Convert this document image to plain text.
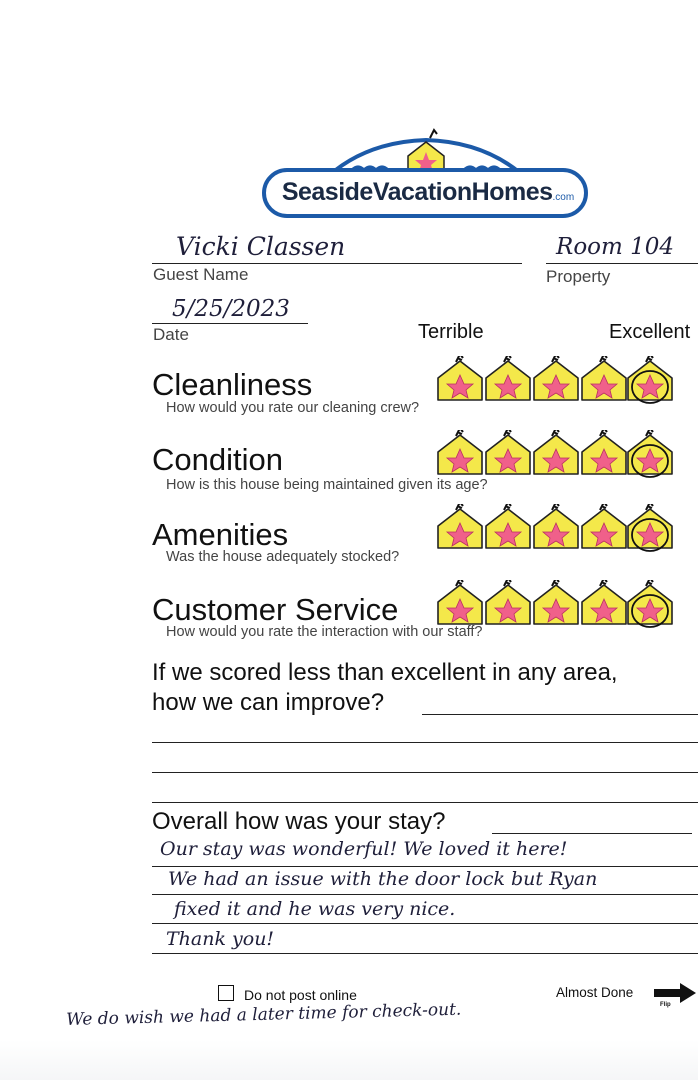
SeasideVacationHomes.com
Vicki Classen
Guest Name
Room 104
Property
5/25/2023
Date	Terrible	Excellent
Cleanliness
How would you rate our cleaning crew?
Condition
How is this house being maintained given its age?
Amenities
Was the house adequately stocked?
Customer Service
How would you rate the interaction with our staff?
If we scored less than excellent in any area,
how we can improve?
Overall how was your stay?
Our stay was wonderful! We loved it here!
We had an issue with the door lock but Ryan
fixed it and he was very nice.
Thank you!
Do not post online	Almost Done
Flip
We do wish we had a later time for check-out.
